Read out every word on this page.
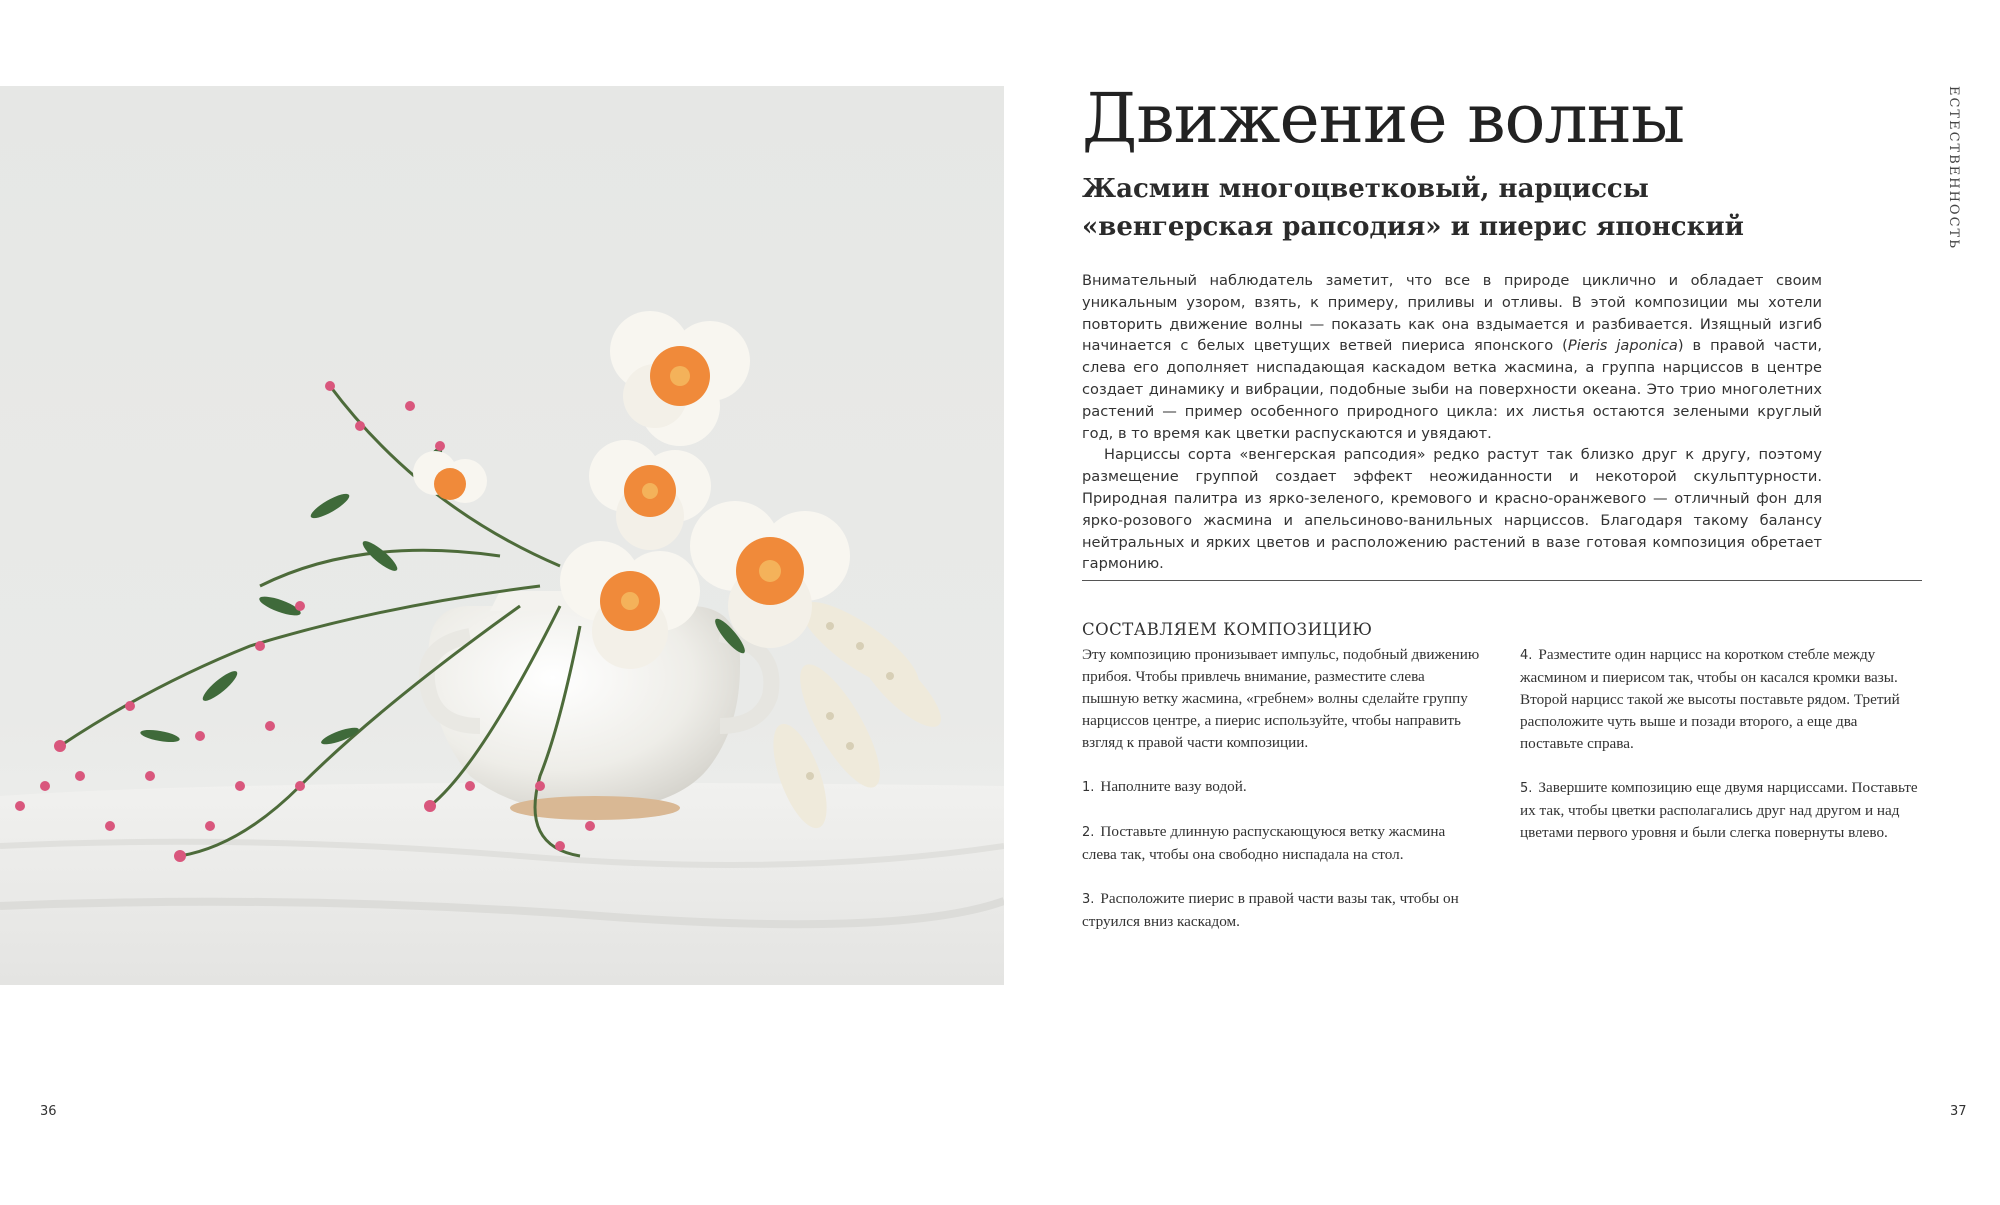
Движение волны
Жасмин многоцветковый, нарциссы
«венгерская рапсодия» и пиерис японский

Внимательный наблюдатель заметит, что все в природе циклично и обладает своим уникальным узором, взять, к примеру, приливы и отливы. В этой композиции мы хотели повторить движение волны — показать как она вздымается и разбивается. Изящный изгиб начинается с белых цветущих ветвей пиериса японского (Pieris japonica) в правой части, слева его дополняет ниспадающая каскадом ветка жасмина, а группа нарциссов в центре создает динамику и вибрации, подобные зыби на поверхности океана. Это трио многолетних растений — пример особенного природного цикла: их листья остаются зелеными круглый год, в то время как цветки распускаются и увядают.

Нарциссы сорта «венгерская рапсодия» редко растут так близко друг к другу, поэтому размещение группой создает эффект неожиданности и некоторой скульптурности. Природная палитра из ярко-зеленого, кремового и красно-оранжевого — отличный фон для ярко-розового жасмина и апельсиново-ванильных нарциссов. Благодаря такому балансу нейтральных и ярких цветов и расположению растений в вазе готовая композиция обретает гармонию.

СОСТАВЛЯЕМ КОМПОЗИЦИЮ

Эту композицию пронизывает импульс, подобный движению прибоя. Чтобы привлечь внимание, разместите слева пышную ветку жасмина, «гребнем» волны сделайте группу нарциссов центре, а пиерис используйте, чтобы направить взгляд к правой части композиции.

1. Наполните вазу водой.

2. Поставьте длинную распускающуюся ветку жасмина слева так, чтобы она свободно ниспадала на стол.

3. Расположите пиерис в правой части вазы так, чтобы он струился вниз каскадом.

4. Разместите один нарцисс на коротком стебле между жасмином и пиерисом так, чтобы он касался кромки вазы. Второй нарцисс такой же высоты поставьте рядом. Третий расположите чуть выше и позади второго, а еще два поставьте справа.

5. Завершите композицию еще двумя нарциссами. Поставьте их так, чтобы цветки располагались друг над другом и над цветами первого уровня и были слегка повернуты влево.

ЕСТЕСТВЕННОСТЬ
36	37
